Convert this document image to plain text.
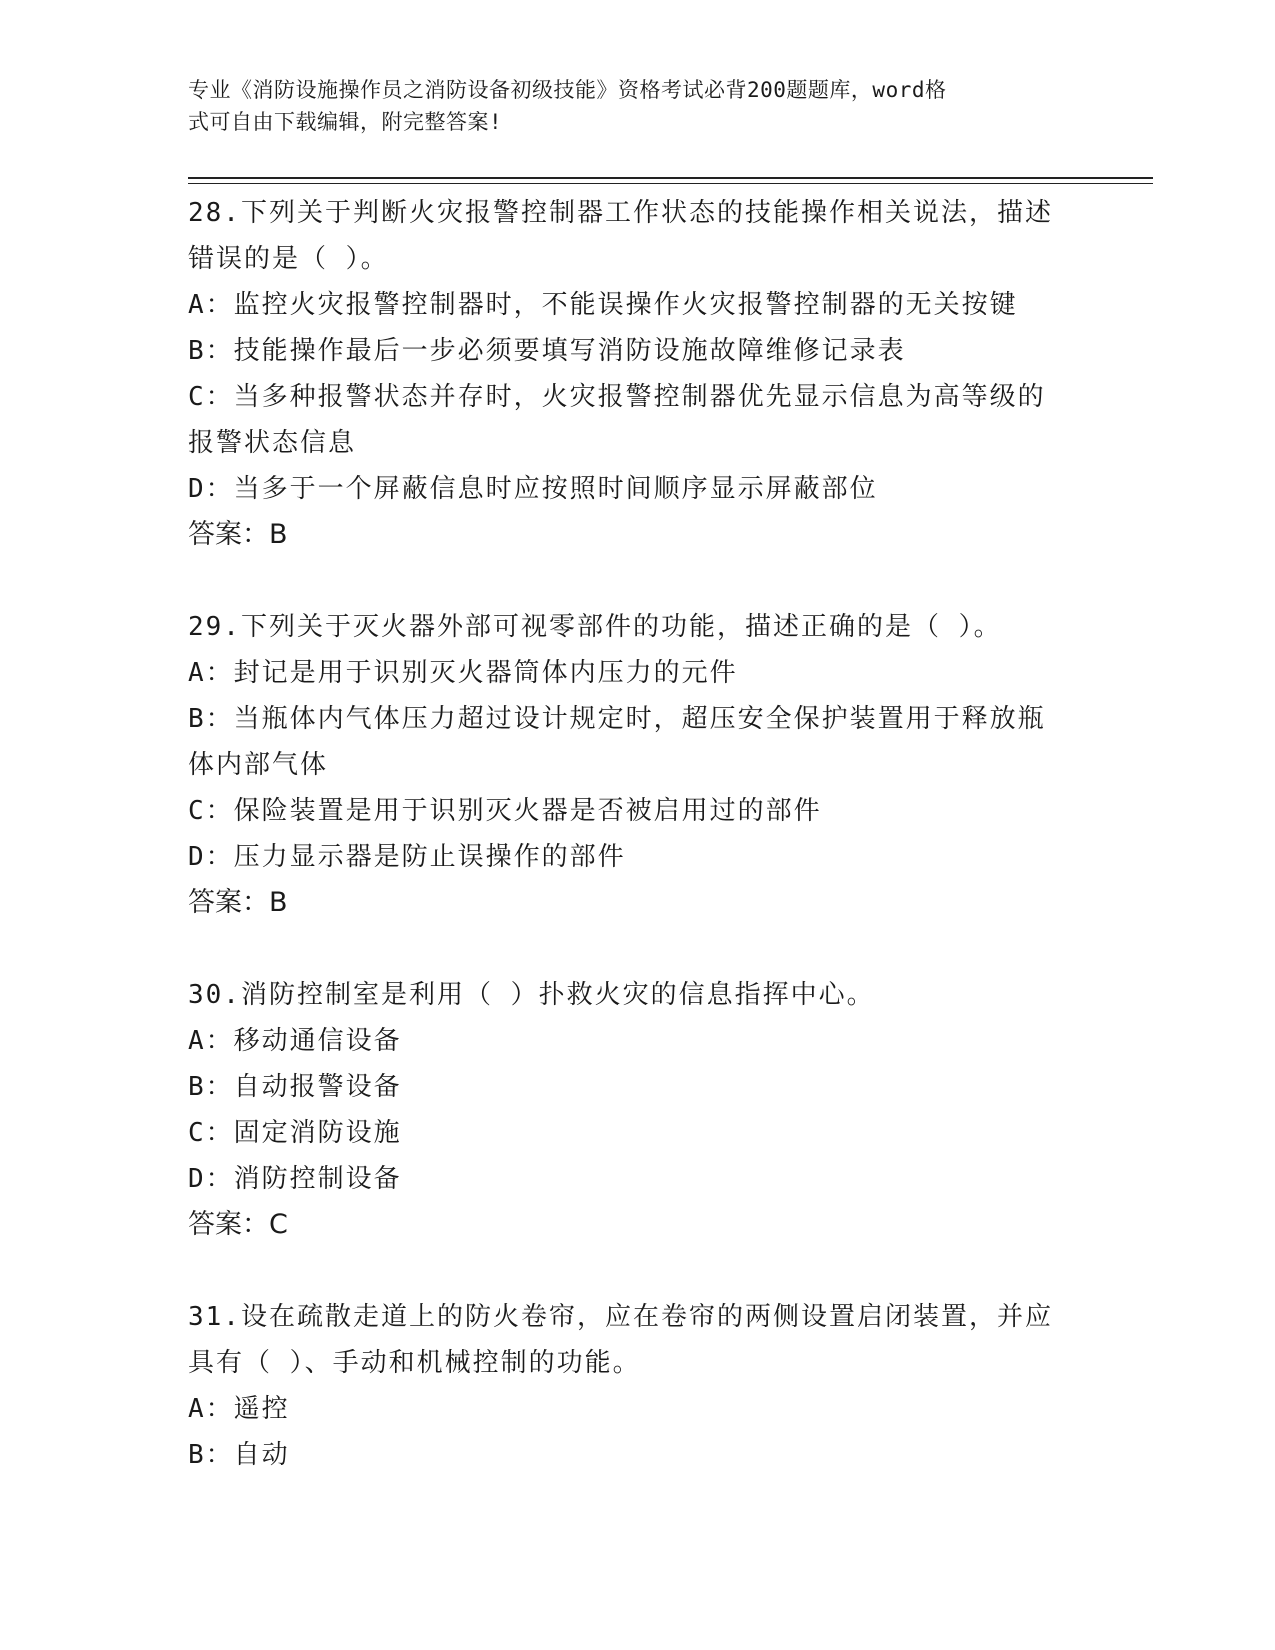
专业《消防设施操作员之消防设备初级技能》资格考试必背200题题库，word格
式可自由下载编辑，附完整答案!

28.下列关于判断火灾报警控制器工作状态的技能操作相关说法，描述

错误的是（ ）。

A：监控火灾报警控制器时，不能误操作火灾报警控制器的无关按键

B：技能操作最后一步必须要填写消防设施故障维修记录表

C：当多种报警状态并存时，火灾报警控制器优先显示信息为高等级的

报警状态信息

D：当多于一个屏蔽信息时应按照时间顺序显示屏蔽部位

答案：B

29.下列关于灭火器外部可视零部件的功能，描述正确的是（ ）。

A：封记是用于识别灭火器筒体内压力的元件

B：当瓶体内气体压力超过设计规定时，超压安全保护装置用于释放瓶

体内部气体

C：保险装置是用于识别灭火器是否被启用过的部件

D：压力显示器是防止误操作的部件

答案：B

30.消防控制室是利用（ ）扑救火灾的信息指挥中心。

A：移动通信设备

B：自动报警设备

C：固定消防设施

D：消防控制设备

答案：C

31.设在疏散走道上的防火卷帘，应在卷帘的两侧设置启闭装置，并应

具有（ ）、手动和机械控制的功能。

A：遥控

B：自动
